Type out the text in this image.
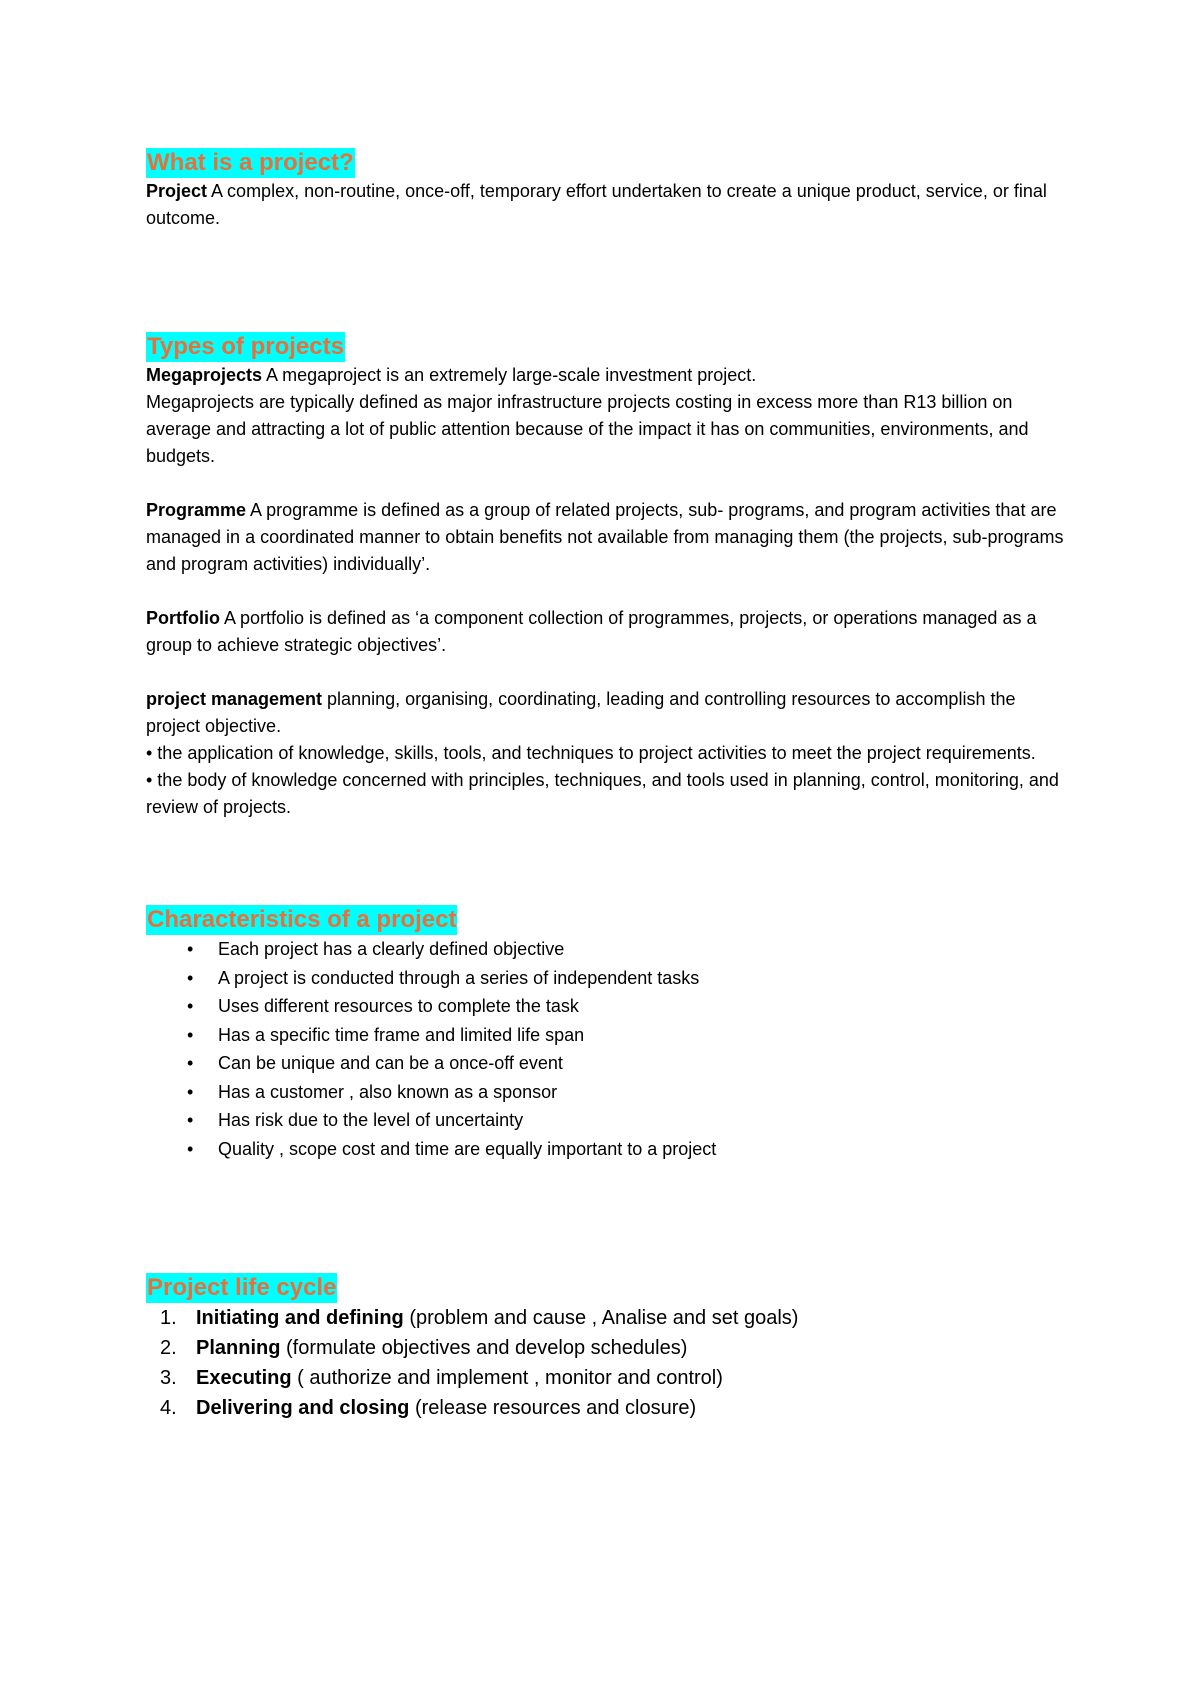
What is a project?

Project A complex, non-routine, once-off, temporary effort undertaken to create a unique product, service, or final outcome.

Types of projects

Megaprojects A megaproject is an extremely large-scale investment project.

Megaprojects are typically defined as major infrastructure projects costing in excess more than R13 billion on average and attracting a lot of public attention because of the impact it has on communities, environments, and budgets.

Programme A programme is defined as a group of related projects, sub- programs, and program activities that are managed in a coordinated manner to obtain benefits not available from managing them (the projects, sub-programs and program activities) individually’.

Portfolio A portfolio is defined as ‘a component collection of programmes, projects, or operations managed as a group to achieve strategic objectives’.

project management planning, organising, coordinating, leading and controlling resources to accomplish the project objective.

• the application of knowledge, skills, tools, and techniques to project activities to meet the project requirements.

• the body of knowledge concerned with principles, techniques, and tools used in planning, control, monitoring, and review of projects.

Characteristics of a project
• Each project has a clearly defined objective
• A project is conducted through a series of independent tasks
• Uses different resources to complete the task
• Has a specific time frame and limited life span
• Can be unique and can be a once-off event
• Has a customer , also known as a sponsor
• Has risk due to the level of uncertainty
• Quality , scope cost and time are equally important to a project
Project life cycle
1. Initiating and defining (problem and cause , Analise and set goals)
2. Planning (formulate objectives and develop schedules)
3. Executing ( authorize and implement , monitor and control)
4. Delivering and closing (release resources and closure)
